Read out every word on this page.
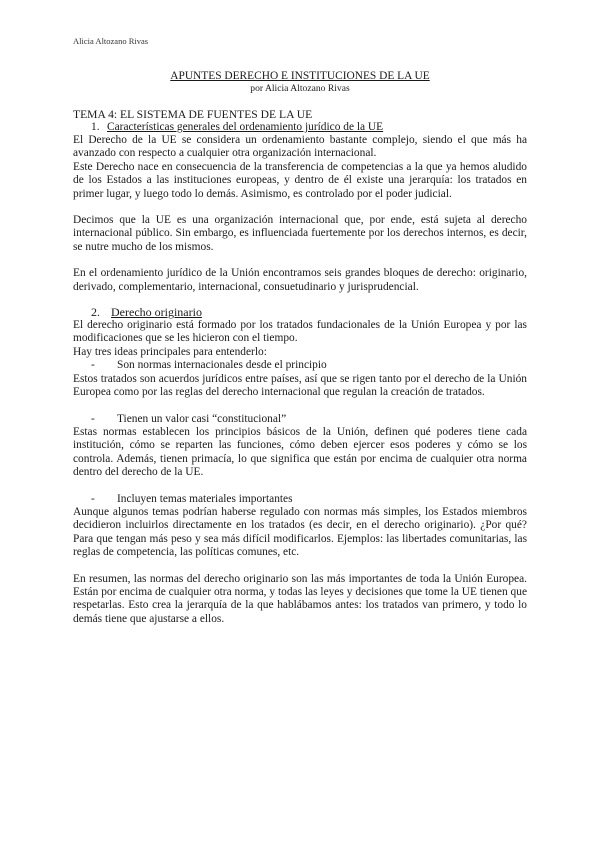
Alicia Altozano Rivas

APUNTES DERECHO E INSTITUCIONES DE LA UE

por Alicia Altozano Rivas

TEMA 4: EL SISTEMA DE FUENTES DE LA UE

1. Características generales del ordenamiento jurídico de la UE

El Derecho de la UE se considera un ordenamiento bastante complejo, siendo el que más ha avanzado con respecto a cualquier otra organización internacional.

Este Derecho nace en consecuencia de la transferencia de competencias a la que ya hemos aludido de los Estados a las instituciones europeas, y dentro de él existe una jerarquía: los tratados en primer lugar, y luego todo lo demás. Asimismo, es controlado por el poder judicial.

Decimos que la UE es una organización internacional que, por ende, está sujeta al derecho internacional público. Sin embargo, es influenciada fuertemente por los derechos internos, es decir, se nutre mucho de los mismos.

En el ordenamiento jurídico de la Unión encontramos seis grandes bloques de derecho: originario, derivado, complementario, internacional, consuetudinario y jurisprudencial.

2. Derecho originario

El derecho originario está formado por los tratados fundacionales de la Unión Europea y por las modificaciones que se les hicieron con el tiempo.

Hay tres ideas principales para entenderlo:

- Son normas internacionales desde el principio

Estos tratados son acuerdos jurídicos entre países, así que se rigen tanto por el derecho de la Unión Europea como por las reglas del derecho internacional que regulan la creación de tratados.

- Tienen un valor casi “constitucional”

Estas normas establecen los principios básicos de la Unión, definen qué poderes tiene cada institución, cómo se reparten las funciones, cómo deben ejercer esos poderes y cómo se los controla. Además, tienen primacía, lo que significa que están por encima de cualquier otra norma dentro del derecho de la UE.

- Incluyen temas materiales importantes

Aunque algunos temas podrían haberse regulado con normas más simples, los Estados miembros decidieron incluirlos directamente en los tratados (es decir, en el derecho originario). ¿Por qué? Para que tengan más peso y sea más difícil modificarlos. Ejemplos: las libertades comunitarias, las reglas de competencia, las políticas comunes, etc.

En resumen, las normas del derecho originario son las más importantes de toda la Unión Europea. Están por encima de cualquier otra norma, y todas las leyes y decisiones que tome la UE tienen que respetarlas. Esto crea la jerarquía de la que hablábamos antes: los tratados van primero, y todo lo demás tiene que ajustarse a ellos.
